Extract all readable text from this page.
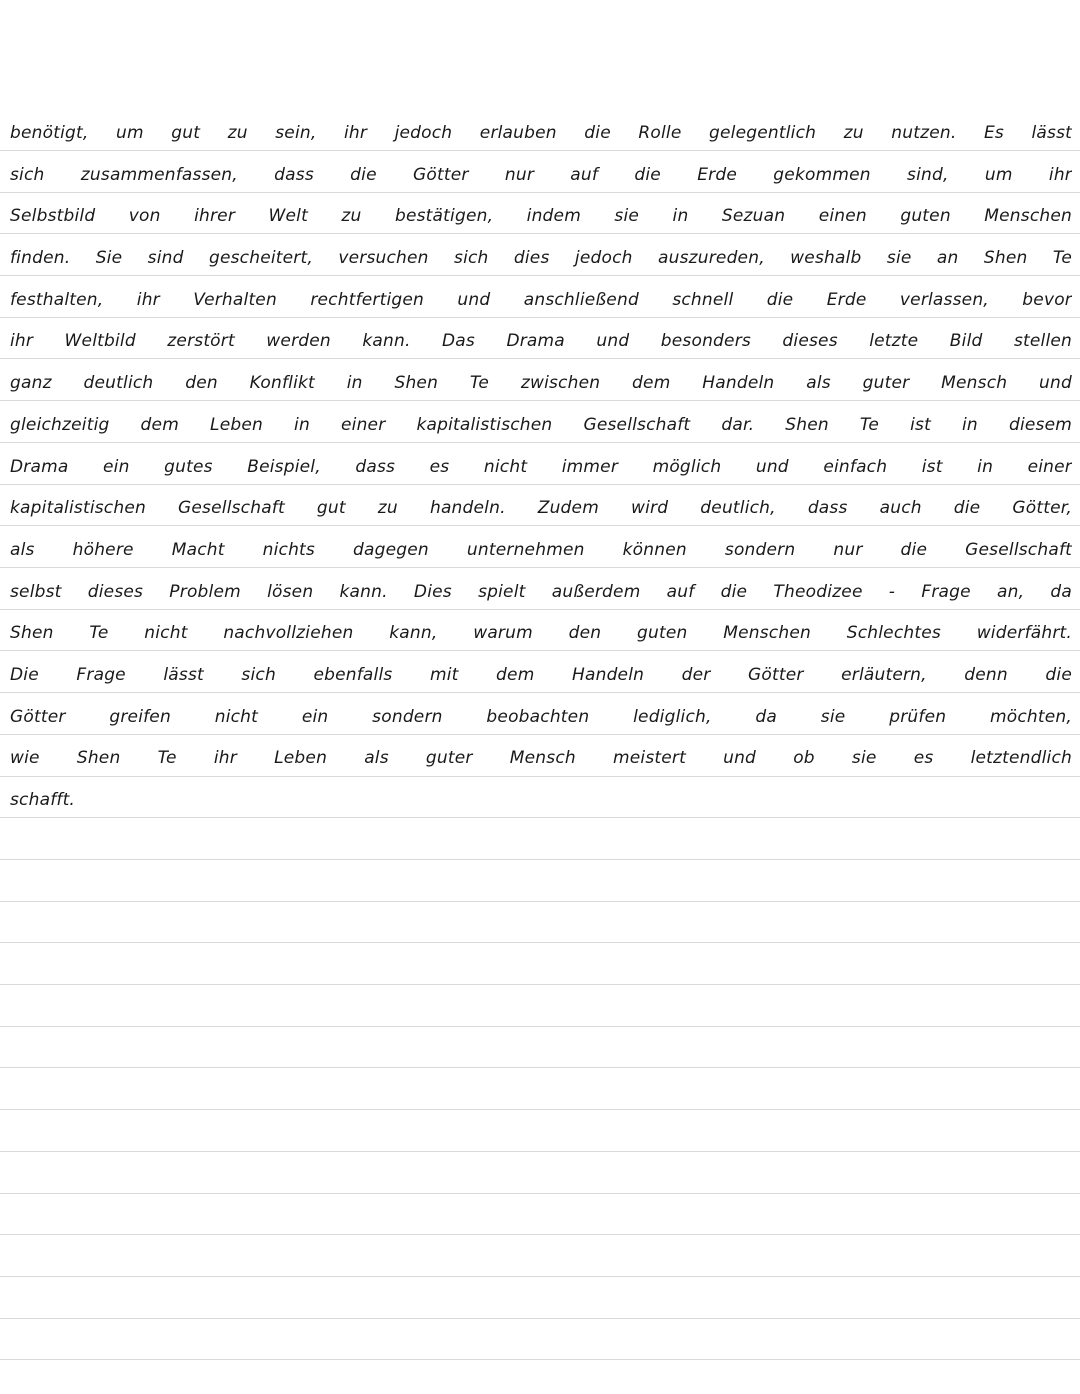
benötigt, um gut zu sein, ihr jedoch erlauben die Rolle gelegentlich zu nutzen. Es lässt
sich zusammenfassen, dass die Götter nur auf die Erde gekommen sind, um ihr
Selbstbild von ihrer Welt zu bestätigen, indem sie in Sezuan einen guten Menschen
finden. Sie sind gescheitert, versuchen sich dies jedoch auszureden, weshalb sie an Shen Te
festhalten, ihr Verhalten rechtfertigen und anschließend schnell die Erde verlassen, bevor
ihr Weltbild zerstört werden kann. Das Drama und besonders dieses letzte Bild stellen
ganz deutlich den Konflikt in Shen Te zwischen dem Handeln als guter Mensch und
gleichzeitig dem Leben in einer kapitalistischen Gesellschaft dar. Shen Te ist in diesem
Drama ein gutes Beispiel, dass es nicht immer möglich und einfach ist in einer
kapitalistischen Gesellschaft gut zu handeln. Zudem wird deutlich, dass auch die Götter,
als höhere Macht nichts dagegen unternehmen können sondern nur die Gesellschaft
selbst dieses Problem lösen kann. Dies spielt außerdem auf die Theodizee - Frage an, da
Shen Te nicht nachvollziehen kann, warum den guten Menschen Schlechtes widerfährt.
Die Frage lässt sich ebenfalls mit dem Handeln der Götter erläutern, denn die
Götter greifen nicht ein sondern beobachten lediglich, da sie prüfen möchten,
wie Shen Te ihr Leben als guter Mensch meistert und ob sie es letztendlich
schafft.
